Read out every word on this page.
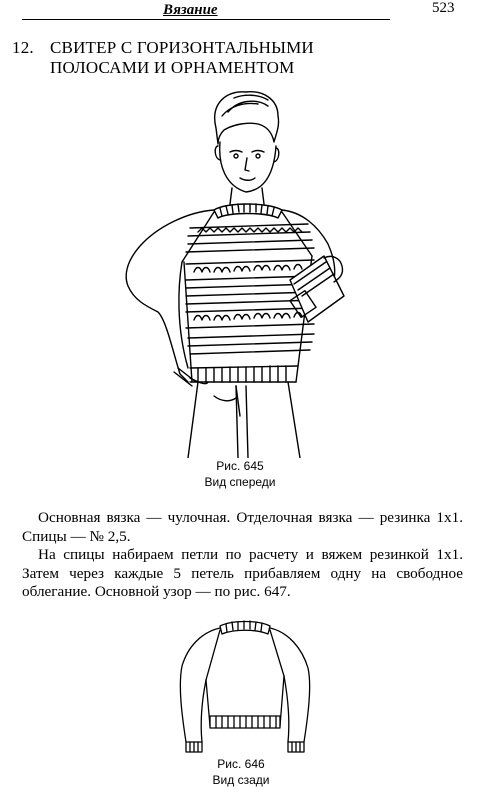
Вязание	523
12. СВИТЕР С ГОРИЗОНТАЛЬНЫМИ
ПОЛОСАМИ И ОРНАМЕНТОМ
Рис. 645
Вид спереди

Основная вязка — чулочная. Отделочная вязка — резинка 1х1. Спицы — № 2,5.

На спицы набираем петли по расчету и вяжем резинкой 1х1. Затем через каждые 5 петель прибавляем одну на свободное облегание. Основной узор — по рис. 647.

Рис. 646
Вид сзади
